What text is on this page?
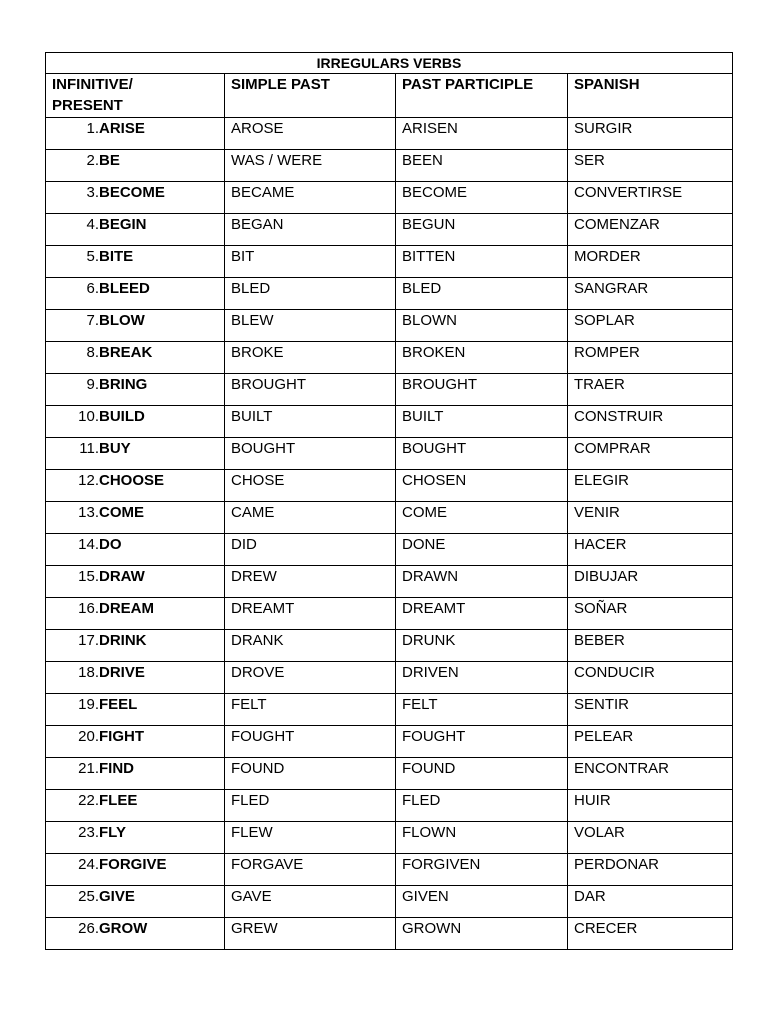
IRREGULARS VERBS			

INFINITIVE/
PRESENT	SIMPLE PAST	PAST PARTICIPLE	SPANISH
1.ARISE	AROSE	ARISEN	SURGIR
2.BE	WAS / WERE	BEEN	SER
3.BECOME	BECAME	BECOME	CONVERTIRSE
4.BEGIN	BEGAN	BEGUN	COMENZAR
5.BITE	BIT	BITTEN	MORDER
6.BLEED	BLED	BLED	SANGRAR
7.BLOW	BLEW	BLOWN	SOPLAR
8.BREAK	BROKE	BROKEN	ROMPER
9.BRING	BROUGHT	BROUGHT	TRAER
10.BUILD	BUILT	BUILT	CONSTRUIR
11.BUY	BOUGHT	BOUGHT	COMPRAR
12.CHOOSE	CHOSE	CHOSEN	ELEGIR
13.COME	CAME	COME	VENIR
14.DO	DID	DONE	HACER
15.DRAW	DREW	DRAWN	DIBUJAR
16.DREAM	DREAMT	DREAMT	SOÑAR
17.DRINK	DRANK	DRUNK	BEBER
18.DRIVE	DROVE	DRIVEN	CONDUCIR
19.FEEL	FELT	FELT	SENTIR
20.FIGHT	FOUGHT	FOUGHT	PELEAR
21.FIND	FOUND	FOUND	ENCONTRAR
22.FLEE	FLED	FLED	HUIR
23.FLY	FLEW	FLOWN	VOLAR
24.FORGIVE	FORGAVE	FORGIVEN	PERDONAR
25.GIVE	GAVE	GIVEN	DAR
26.GROW	GREW	GROWN	CRECER
